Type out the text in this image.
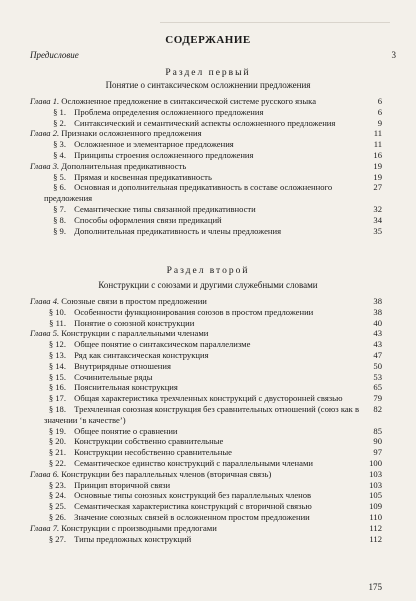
СОДЕРЖАНИЕ
Предисловие	3
Раздел первый
Понятие о синтаксическом осложнении предложения
Глава 1. Осложненное предложение в синтаксической системе русского языка	6
§ 1. Проблема определения осложненного предложения	6
§ 2. Синтаксический и семантический аспекты осложненного предложения	9
Глава 2. Признаки осложненного предложения	11
§ 3. Осложненное и элементарное предложения	11
§ 4. Принципы строения осложненного предложения	16
Глава 3. Дополнительная предикативность	19
§ 5. Прямая и косвенная предикативность	19
§ 6. Основная и дополнительная предикативность в составе осложненного предложения
27
§ 7. Семантические типы связанной предикативности	32
§ 8. Способы оформления связи предикаций	34
§ 9. Дополнительная предикативность и члены предложения	35
Раздел второй
Конструкции с союзами и другими служебными словами
Глава 4. Союзные связи в простом предложении	38
§ 10. Особенности функционирования союзов в простом предложении	38
§ 11. Понятие о союзной конструкции	40
Глава 5. Конструкции с параллельными членами	43
§ 12. Общее понятие о синтаксическом параллелизме	43
§ 13. Ряд как синтаксическая конструкция	47
§ 14. Внутрирядные отношения	50
§ 15. Сочинительные ряды	53
§ 16. Пояснительная конструкция	65
§ 17. Общая характеристика трехчленных конструкций с двусторонней связью	79
§ 18. Трехчленная союзная конструкция без сравнительных отношений (союз как в значении ‘в качестве’)
82
§ 19. Общее понятие о сравнении	85
§ 20. Конструкции собственно сравнительные	90
§ 21. Конструкции несобственно сравнительные	97
§ 22. Семантическое единство конструкций с параллельными членами	100
Глава 6. Конструкции без параллельных членов (вторичная связь)	103
§ 23. Принцип вторичной связи	103
§ 24. Основные типы союзных конструкций без параллельных членов	105
§ 25. Семантическая характеристика конструкций с вторичной связью	109
§ 26. Значение союзных связей в осложненном простом предложении	110
Глава 7. Конструкции с производными предлогами	112
§ 27. Типы предложных конструкций	112
175
